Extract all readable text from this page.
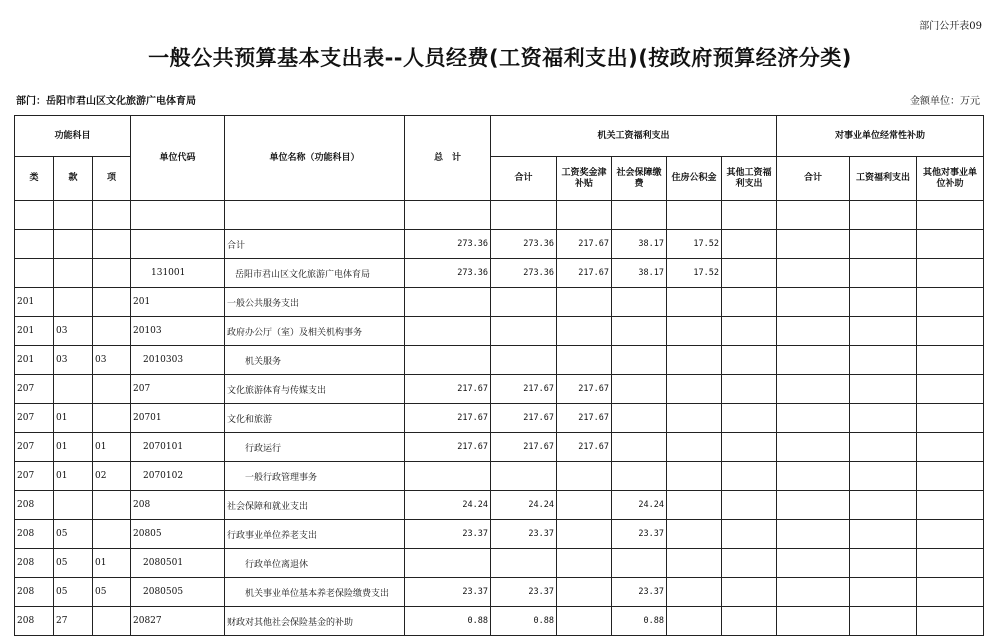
部门公开表09
一般公共预算基本支出表--人员经费(工资福利支出)(按政府预算经济分类)
部门：岳阳市君山区文化旅游广电体育局	金额单位：万元
功能科目			单位代码	单位名称（功能科目）	总　计	机关工资福利支出					对事业单位经常性补助		
类	款	项				合计	工资奖金津补贴	社会保障缴费	住房公积金	其他工资福利支出	合计	工资福利支出	其他对事业单位补助

				合计	273.36	273.36	217.67	38.17	17.52				
			131001	岳阳市君山区文化旅游广电体育局	273.36	273.36	217.67	38.17	17.52				
201			201	一般公共服务支出									
201	03		20103	政府办公厅（室）及相关机构事务									
201	03	03	2010303	机关服务									
207			207	文化旅游体育与传媒支出	217.67	217.67	217.67						
207	01		20701	文化和旅游	217.67	217.67	217.67						
207	01	01	2070101	行政运行	217.67	217.67	217.67						
207	01	02	2070102	一般行政管理事务									
208			208	社会保障和就业支出	24.24	24.24		24.24					
208	05		20805	行政事业单位养老支出	23.37	23.37		23.37					
208	05	01	2080501	行政单位离退休									
208	05	05	2080505	机关事业单位基本养老保险缴费支出	23.37	23.37		23.37					
208	27		20827	财政对其他社会保险基金的补助	0.88	0.88		0.88					
